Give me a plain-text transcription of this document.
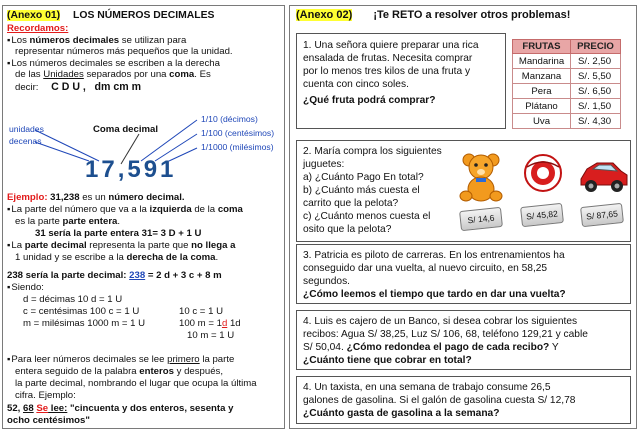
(Anexo 01) LOS NÚMEROS DECIMALES
Recordamos:
▪ Los números decimales se utilizan para
representar números más pequeños que la unidad.
▪ Los números decimales se escriben a la derecha
de las Unidades separados por una coma. Es
decir: C D U , dm cm m
unidades
decenas
Coma decimal
1/10 (décimos)
1/100 (centésimos)
1/1000 (milésimos)
17,591
Ejemplo: 31,238 es un número decimal.
▪ La parte del número que va a la izquierda de la coma
es la parte parte entera.
31 sería la parte entera 31= 3 D + 1 U
▪ La parte decimal representa la parte que no llega a
1 unidad y se escribe a la derecha de la coma.
238 sería la parte decimal: 238 = 2 d + 3 c + 8 m
▪ Siendo:
d = décimas 10 d = 1 U
c = centésimas 100 c = 1 U
m = milésimas 1000 m = 1 U
10 c = 1 U
100 m = 1d 1d
10 m = 1 U
▪ Para leer números decimales se lee primero la parte
entera seguido de la palabra enteros y después,
la parte decimal, nombrando el lugar que ocupa la última
cifra. Ejemplo:
52, 68 Se lee: "cincuenta y dos enteros, sesenta y
ocho centésimos"
(Anexo 02) ¡Te RETO a resolver otros problemas!
1. Una señora quiere preparar una rica
ensalada de frutas. Necesita comprar
por lo menos tres kilos de una fruta y
cuenta con cinco soles.
¿Qué fruta podrá comprar?
FRUTAS	PRECIO
Mandarina	S/. 2,50
Manzana	S/. 5,50
Pera	S/. 6,50
Plátano	S/. 1,50
Uva	S/. 4,30
2. María compra los siguientes
juguetes:
a) ¿Cuánto Pago En total?
b) ¿Cuánto más cuesta el
carrito que la pelota?
c) ¿Cuánto menos cuesta el
osito que la pelota?
S/ 14,6	S/ 45,82	S/ 87,65
3. Patricia es piloto de carreras. En los entrenamientos ha
conseguido dar una vuelta, al nuevo circuito, en 58,25
segundos.
¿Cómo leemos el tiempo que tardo en dar una vuelta?
4. Luis es cajero de un Banco, si desea cobrar los siguientes
recibos: Agua S/ 38,25, Luz S/ 106, 68, teléfono 129,21 y cable
S/ 50,04. ¿Cómo redondea el pago de cada recibo? Y
¿Cuánto tiene que cobrar en total?
4. Un taxista, en una semana de trabajo consume 26,5
galones de gasolina. Si el galón de gasolina cuesta S/ 12,78
¿Cuánto gasta de gasolina a la semana?
